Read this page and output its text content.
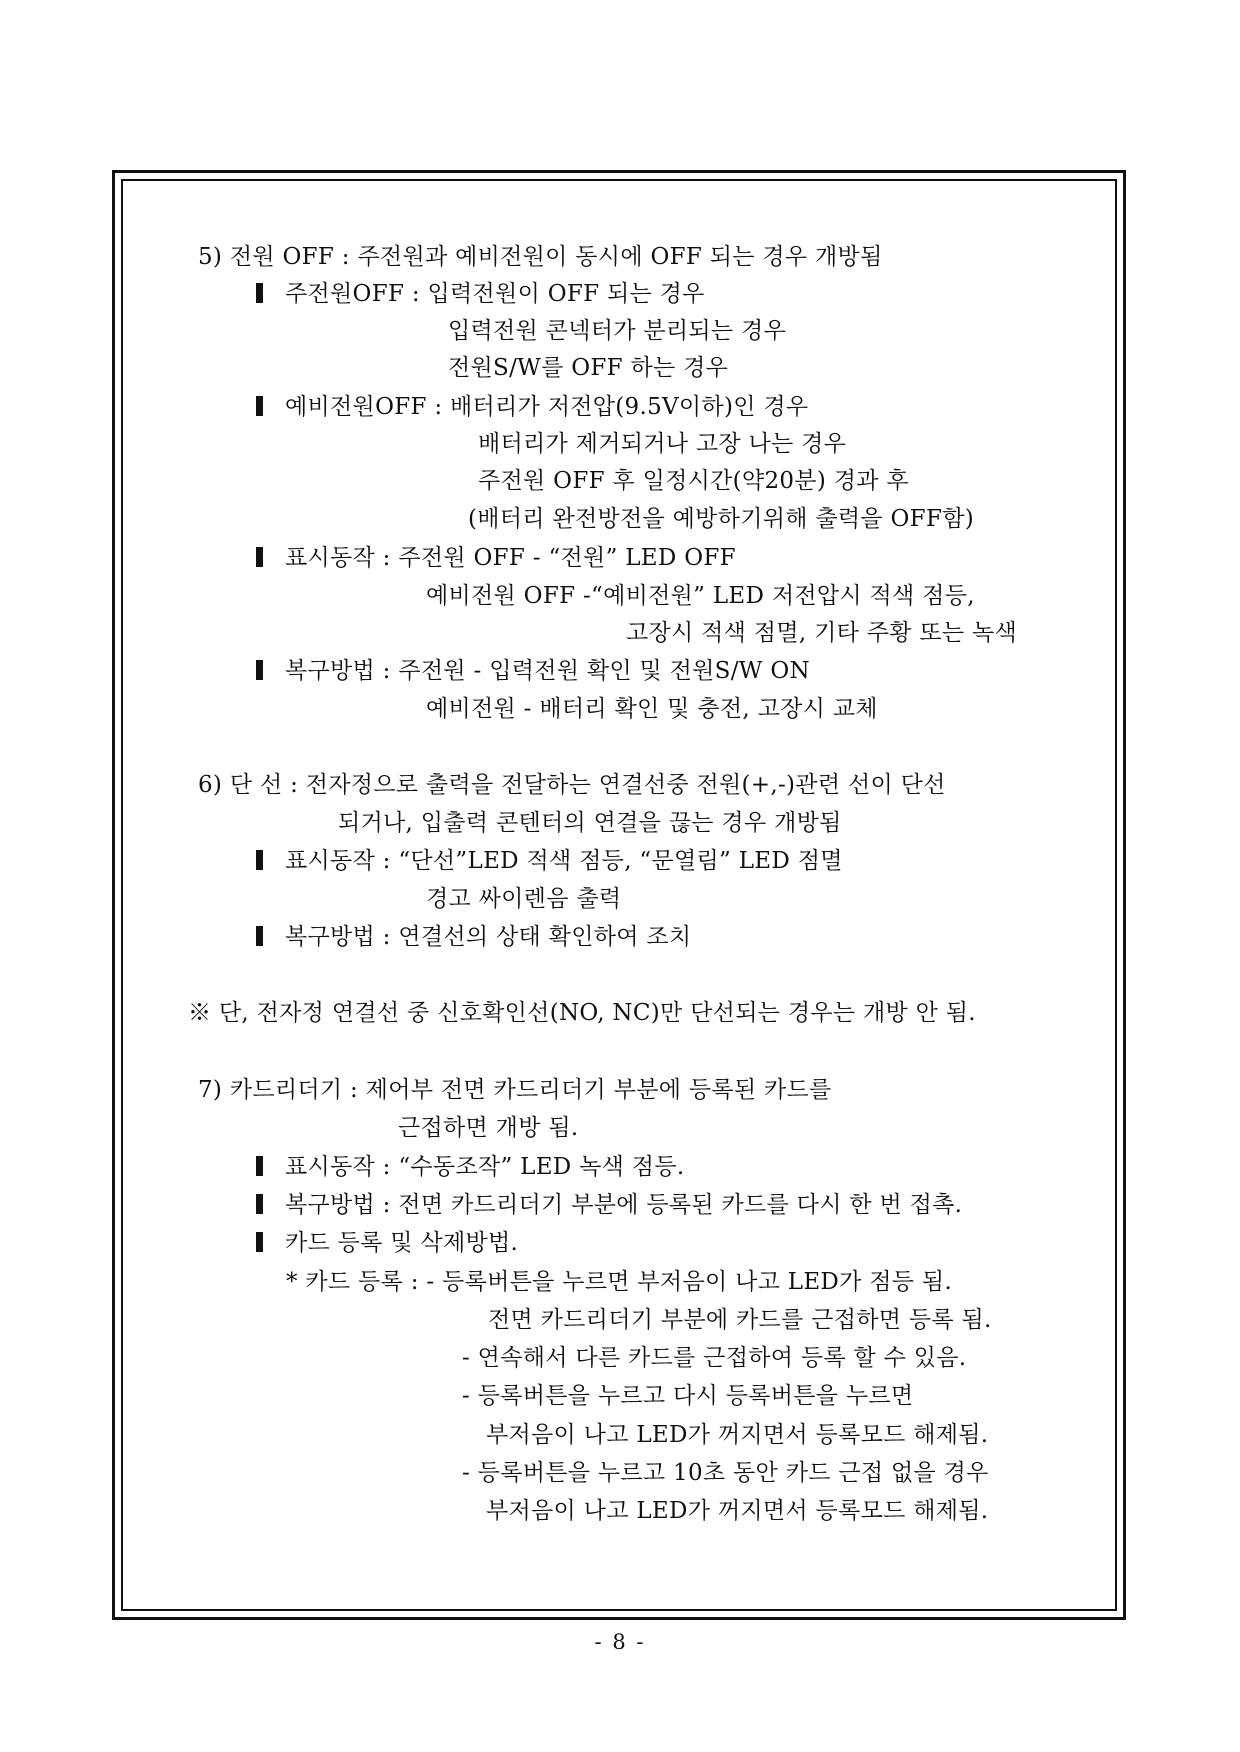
5) 전원 OFF : 주전원과 예비전원이 동시에 OFF 되는 경우 개방됨
주전원OFF : 입력전원이 OFF 되는 경우
입력전원 콘넥터가 분리되는 경우
전원S/W를 OFF 하는 경우
예비전원OFF : 배터리가 저전압(9.5V이하)인 경우
배터리가 제거되거나 고장 나는 경우
주전원 OFF 후 일정시간(약20분) 경과 후
(배터리 완전방전을 예방하기위해 출력을 OFF함)
표시동작 : 주전원 OFF - “전원” LED OFF
예비전원 OFF -“예비전원” LED 저전압시 적색 점등,
고장시 적색 점멸, 기타 주황 또는 녹색
복구방법 : 주전원 - 입력전원 확인 및 전원S/W ON
예비전원 - 배터리 확인 및 충전, 고장시 교체
6) 단 선 : 전자정으로 출력을 전달하는 연결선중 전원(+,-)관련 선이 단선
되거나, 입출력 콘텐터의 연결을 끊는 경우 개방됨
표시동작 : “단선”LED 적색 점등, “문열림” LED 점멸
경고 싸이렌음 출력
복구방법 : 연결선의 상태 확인하여 조치
※ 단, 전자정 연결선 중 신호확인선(NO, NC)만 단선되는 경우는 개방 안 됨.
7) 카드리더기 : 제어부 전면 카드리더기 부분에 등록된 카드를
근접하면 개방 됨.
표시동작 : “수동조작” LED 녹색 점등.
복구방법 : 전면 카드리더기 부분에 등록된 카드를 다시 한 번 접촉.
카드 등록 및 삭제방법.
* 카드 등록 : - 등록버튼을 누르면 부저음이 나고 LED가 점등 됨.
전면 카드리더기 부분에 카드를 근접하면 등록 됨.
- 연속해서 다른 카드를 근접하여 등록 할 수 있음.
- 등록버튼을 누르고 다시 등록버튼을 누르면
부저음이 나고 LED가 꺼지면서 등록모드 해제됨.
- 등록버튼을 누르고 10초 동안 카드 근접 없을 경우
부저음이 나고 LED가 꺼지면서 등록모드 해제됨.
- 8 -
